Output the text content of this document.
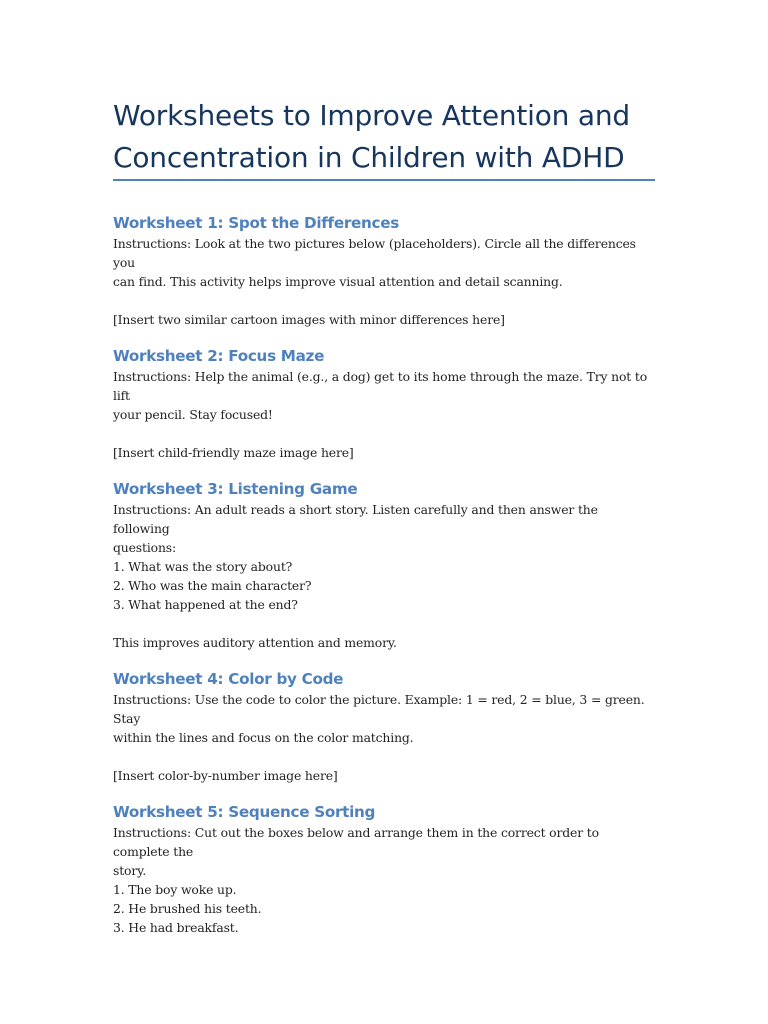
Worksheets to Improve Attention and Concentration in Children with ADHD
Worksheet 1: Spot the Differences

Instructions: Look at the two pictures below (placeholders). Circle all the differences you

can find. This activity helps improve visual attention and detail scanning.

[Insert two similar cartoon images with minor differences here]

Worksheet 2: Focus Maze

Instructions: Help the animal (e.g., a dog) get to its home through the maze. Try not to lift

your pencil. Stay focused!

[Insert child-friendly maze image here]

Worksheet 3: Listening Game

Instructions: An adult reads a short story. Listen carefully and then answer the following

questions:

1. What was the story about?

2. Who was the main character?

3. What happened at the end?

This improves auditory attention and memory.

Worksheet 4: Color by Code

Instructions: Use the code to color the picture. Example: 1 = red, 2 = blue, 3 = green. Stay

within the lines and focus on the color matching.

[Insert color-by-number image here]

Worksheet 5: Sequence Sorting

Instructions: Cut out the boxes below and arrange them in the correct order to complete the

story.

1. The boy woke up.

2. He brushed his teeth.

3. He had breakfast.
